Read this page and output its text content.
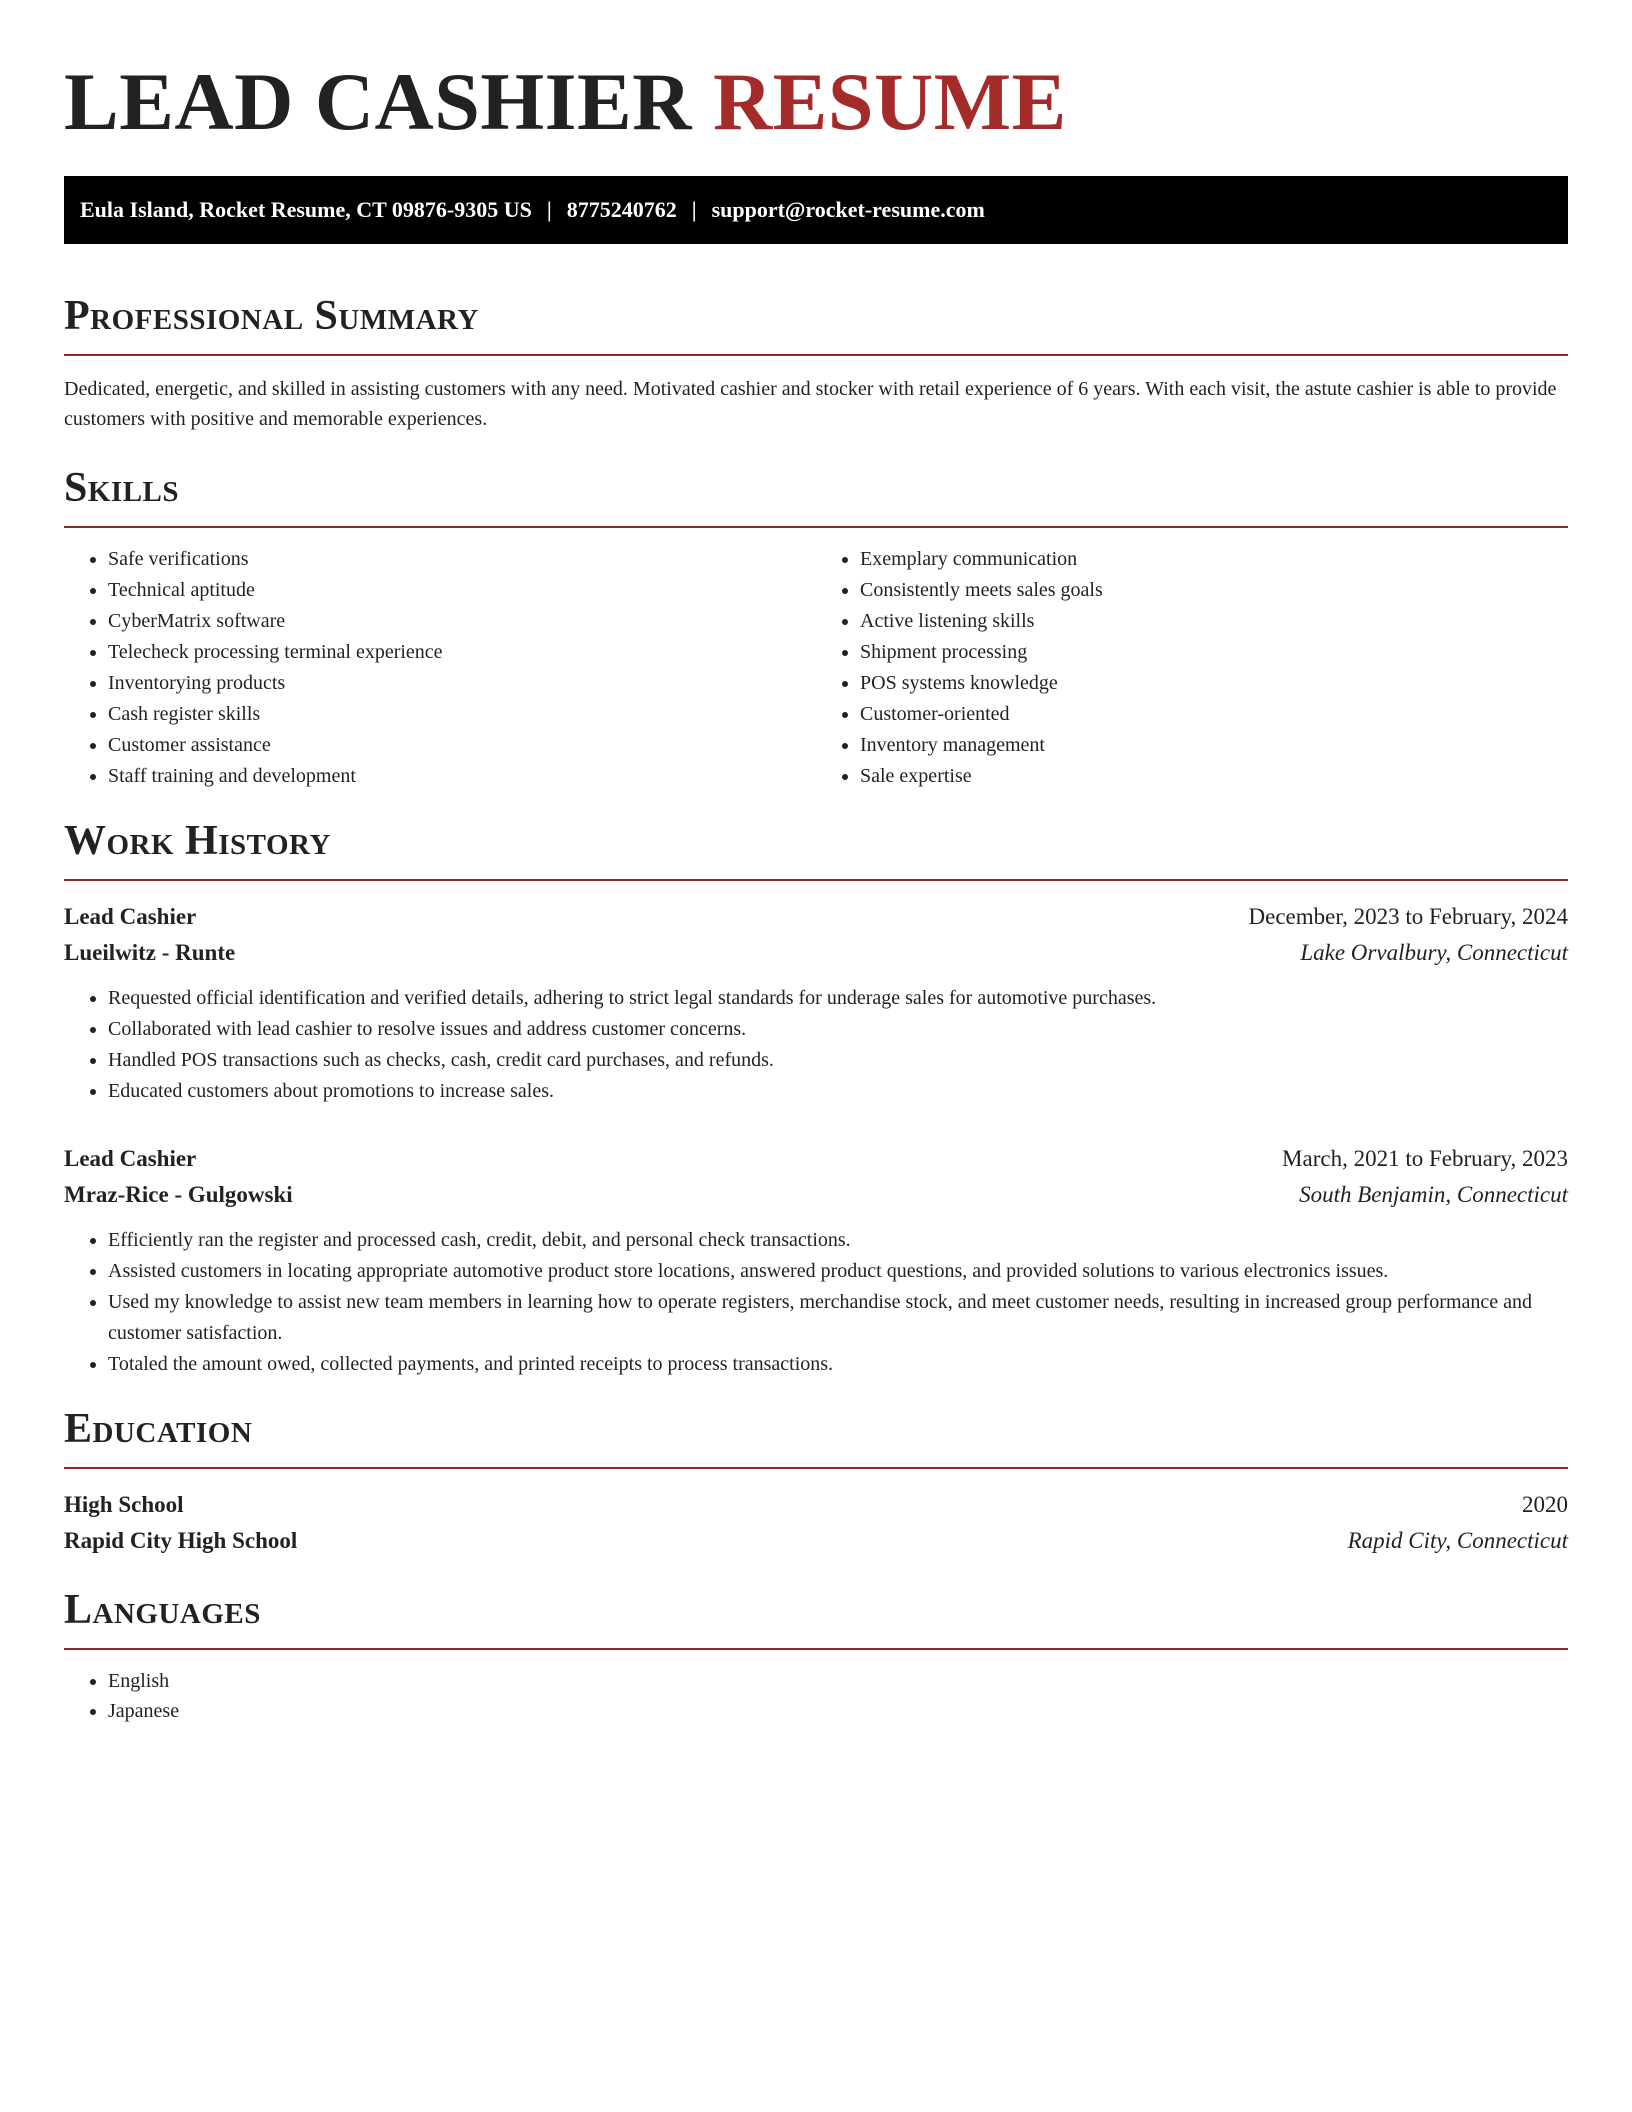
LEAD CASHIER RESUME
Eula Island, Rocket Resume, CT 09876-9305 US | 8775240762 | support@rocket-resume.com
Professional Summary

Dedicated, energetic, and skilled in assisting customers with any need. Motivated cashier and stocker with retail experience of 6 years. With each visit, the astute cashier is able to provide customers with positive and memorable experiences.

Skills
• Safe verifications
• Technical aptitude
• CyberMatrix software
• Telecheck processing terminal experience
• Inventorying products
• Cash register skills
• Customer assistance
• Staff training and development
• Exemplary communication
• Consistently meets sales goals
• Active listening skills
• Shipment processing
• POS systems knowledge
• Customer-oriented
• Inventory management
• Sale expertise
Work History
Lead Cashier	December, 2023 to February, 2024
Lueilwitz - Runte	Lake Orvalbury, Connecticut
• Requested official identification and verified details, adhering to strict legal standards for underage sales for automotive purchases.
• Collaborated with lead cashier to resolve issues and address customer concerns.
• Handled POS transactions such as checks, cash, credit card purchases, and refunds.
• Educated customers about promotions to increase sales.
Lead Cashier	March, 2021 to February, 2023
Mraz-Rice - Gulgowski	South Benjamin, Connecticut
• Efficiently ran the register and processed cash, credit, debit, and personal check transactions.
• Assisted customers in locating appropriate automotive product store locations, answered product questions, and provided solutions to various electronics issues.
• Used my knowledge to assist new team members in learning how to operate registers, merchandise stock, and meet customer needs, resulting in increased group performance and customer satisfaction.
• Totaled the amount owed, collected payments, and printed receipts to process transactions.
Education
High School	2020
Rapid City High School	Rapid City, Connecticut
Languages
• English
• Japanese
